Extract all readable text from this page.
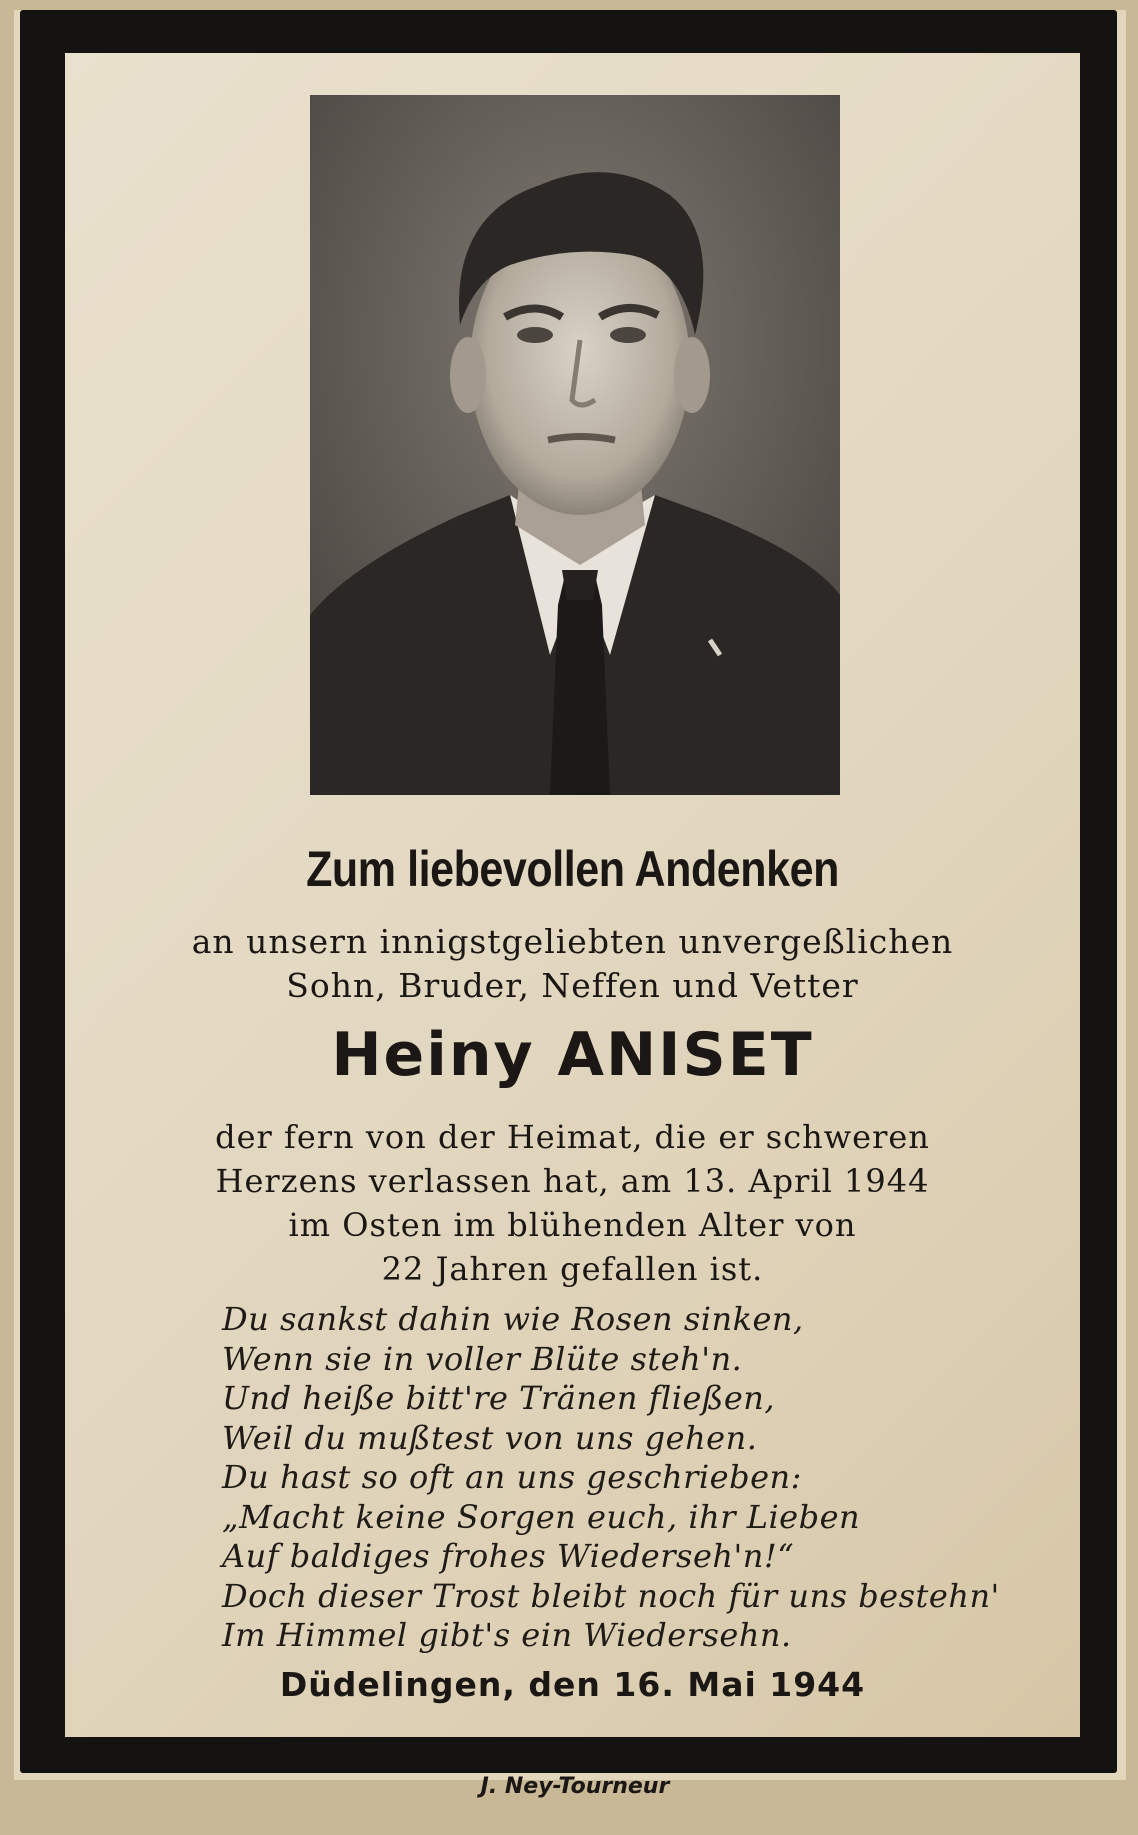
Zum liebevollen Andenken
an unsern innigstgeliebten unvergeßlichen
Sohn, Bruder, Neffen und Vetter
Heiny ANISET
der fern von der Heimat, die er schweren
Herzens verlassen hat, am 13. April 1944
im Osten im blühenden Alter von
22 Jahren gefallen ist.
Du sankst dahin wie Rosen sinken,
Wenn sie in voller Blüte steh'n.
Und heiße bitt're Tränen fließen,
Weil du mußtest von uns gehen.
Du hast so oft an uns geschrieben:
„Macht keine Sorgen euch, ihr Lieben
Auf baldiges frohes Wiederseh'n!“
Doch dieser Trost bleibt noch für uns bestehn'
Im Himmel gibt's ein Wiedersehn.
Düdelingen, den 16. Mai 1944
J. Ney-Tourneur
